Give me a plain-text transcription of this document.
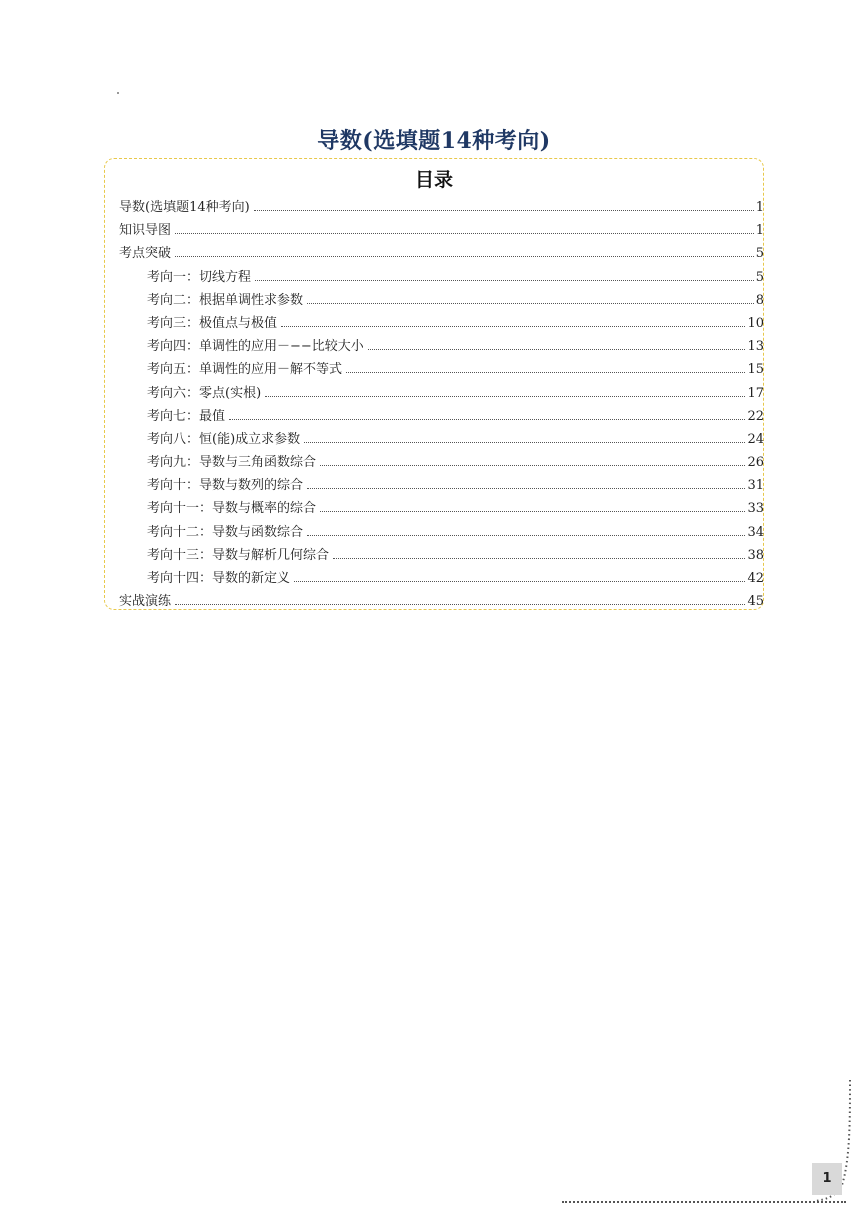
导数(选填题14种考向)
目录
导数(选填题14种考向)	1
知识导图	1
考点突破	5
考向一：切线方程	5
考向二：根据单调性求参数	8
考向三：极值点与极值	10
考向四：单调性的应用－−−比较大小	13
考向五：单调性的应用－解不等式	15
考向六：零点(实根)	17
考向七：最值	22
考向八：恒(能)成立求参数	24
考向九：导数与三角函数综合	26
考向十：导数与数列的综合	31
考向十一：导数与概率的综合	33
考向十二：导数与函数综合	34
考向十三：导数与解析几何综合	38
考向十四：导数的新定义	42
实战演练	45
1
